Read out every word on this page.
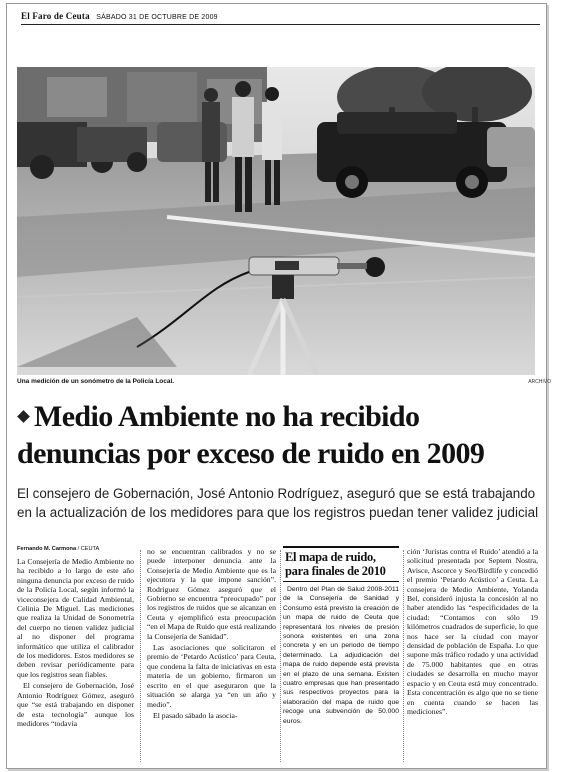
El Faro de Ceuta SÁBADO 31 DE OCTUBRE DE 2009
Una medición de un sonómetro de la Policía Local.	ARCHIVO
Medio Ambiente no ha recibido
denuncias por exceso de ruido en 2009
El consejero de Gobernación, José Antonio Rodríguez, aseguró que se está trabajando en la actualización de los medidores para que los registros puedan tener validez judicial
Fernando M. Carmona / CEUTA

La Consejería de Medio Ambiente no ha recibido a lo largo de este año ninguna denuncia por exceso de ruido de la Policía Local, según informó la viceconsejera de Calidad Ambiental, Celinia De Miguel. Las mediciones que realiza la Unidad de Sonometría del cuerpo no tienen validez judicial al no disponer del programa informático que utiliza el calibrador de los medidores. Estos medidores se deben revisar periódicamente para que los registros sean fiables.

El consejero de Gobernación, José Antonio Rodríguez Gómez, aseguró que “se está trabajando en disponer de esta tecnología” aunque los medidores “todavía

no se encuentran calibrados y no se puede interponer denuncia ante la Consejería de Medio Ambiente que es la ejecutora y la que impone sanción”. Rodríguez Gómez aseguró que el Gobierno se encuentra “preocupado” por los registros de ruidos que se alcanzan en Ceuta y ejemplificó esta preocupación “en el Mapa de Ruido que está realizando la Consejería de Sanidad”.

Las asociaciones que solicitaron el premio de ‘Petardo Acústico’ para Ceuta, que condena la falta de iniciativas en esta materia de un gobierno, firmaron un escrito en el que aseguraron que la situación se alarga ya “en un año y medio”.

El pasado sábado la asocia-

El mapa de ruido, para finales de 2010

Dentro del Plan de Salud 2008-2011 de la Consejería de Sanidad y Consumo está previsto la creación de un mapa de ruido de Ceuta que representará los niveles de presión sonora existentes en una zona concreta y en un periodo de tiempo determinado. La adjudicación del mapa de ruido depende está prevista en el plazo de una semana. Existen cuatro empresas que han presentado sus respectivos proyectos para la elaboración del mapa de ruido que recoge una subvención de 50.000 euros.

ción ‘Juristas contra el Ruido’ atendió a la solicitud presentada por Septem Nostra, Avisce, Ascorce y Seo/Birdlife y concedió el premio ‘Petardo Acústico’ a Ceuta. La consejera de Medio Ambiente, Yolanda Bel, consideró injusta la concesión al no haber atendido las “especificidades de la ciudad: “Contamos con sólo 19 kilómetros cuadrados de superficie, lo que nos hace ser la ciudad con mayor densidad de población de España. Lo que supone más tráfico rodado y una actividad de 75.000 habitantes que en otras ciudades se desarrolla en mucho mayor espacio y en Ceuta está muy concentrado. Esta concentración es algo que no se tiene en cuenta cuando se hacen las mediciones”.
